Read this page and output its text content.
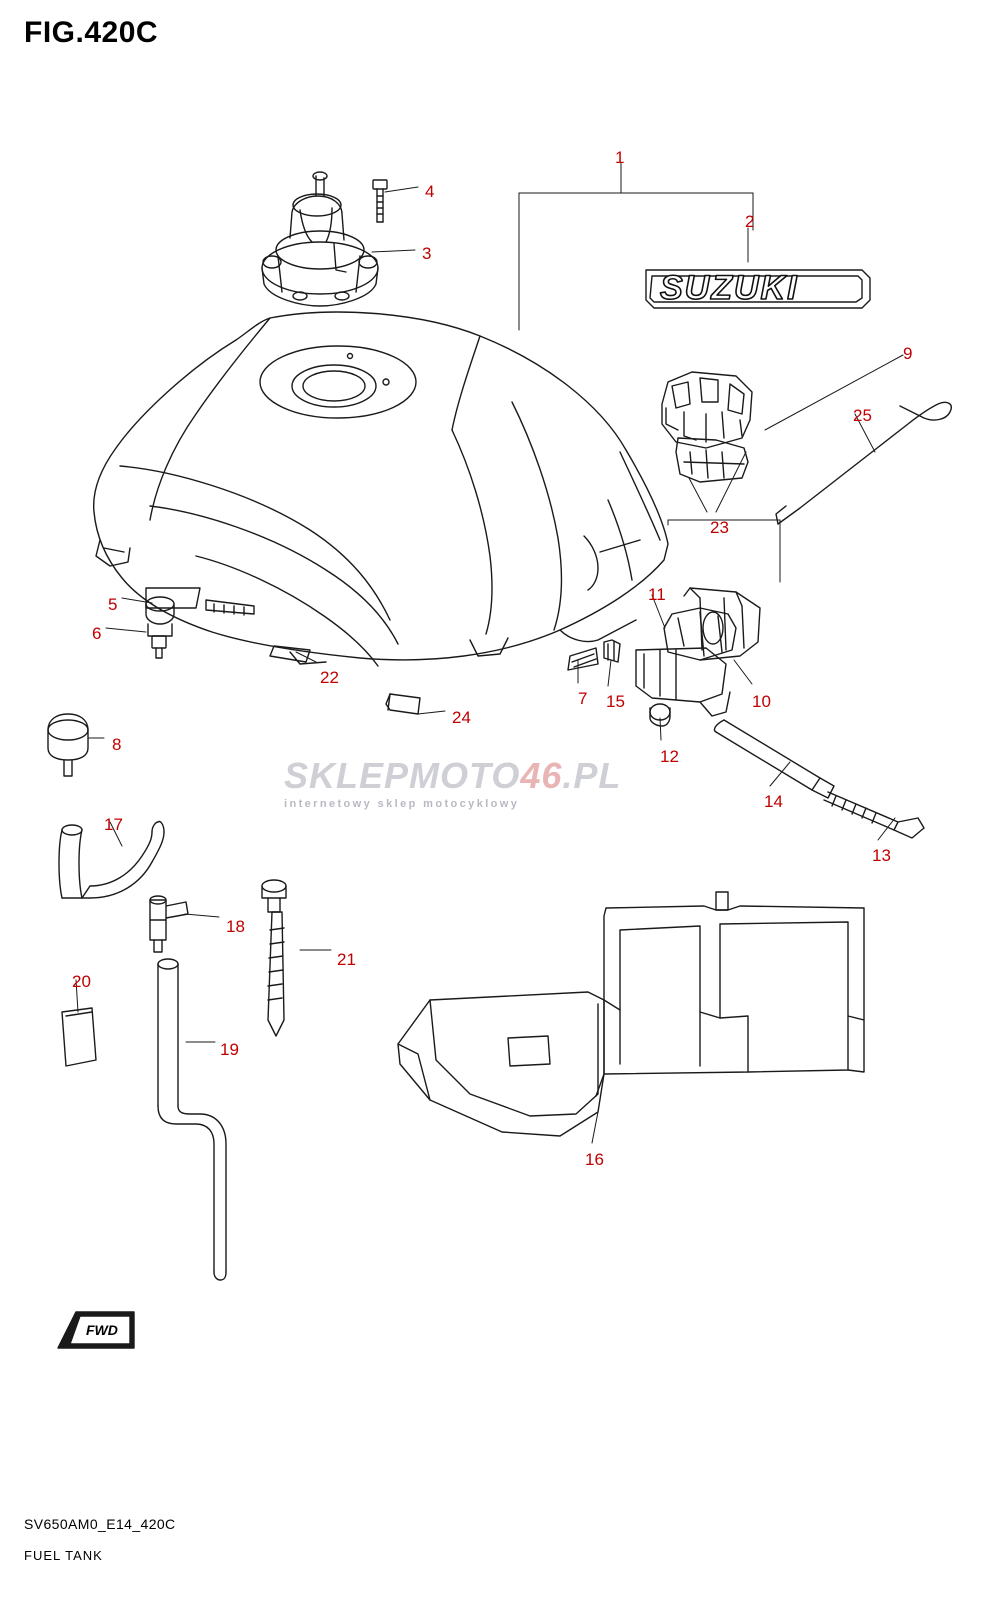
FIG.420C
SUZUKI
FWD
SKLEPMOTO46.PL
internetowy sklep motocyklowy
1
2
3
4
5
6
7
8
9
10
11
12
13
14
15
16
17
18
19
20
21
22
23
24
25
SV650AM0_E14_420C
FUEL TANK
